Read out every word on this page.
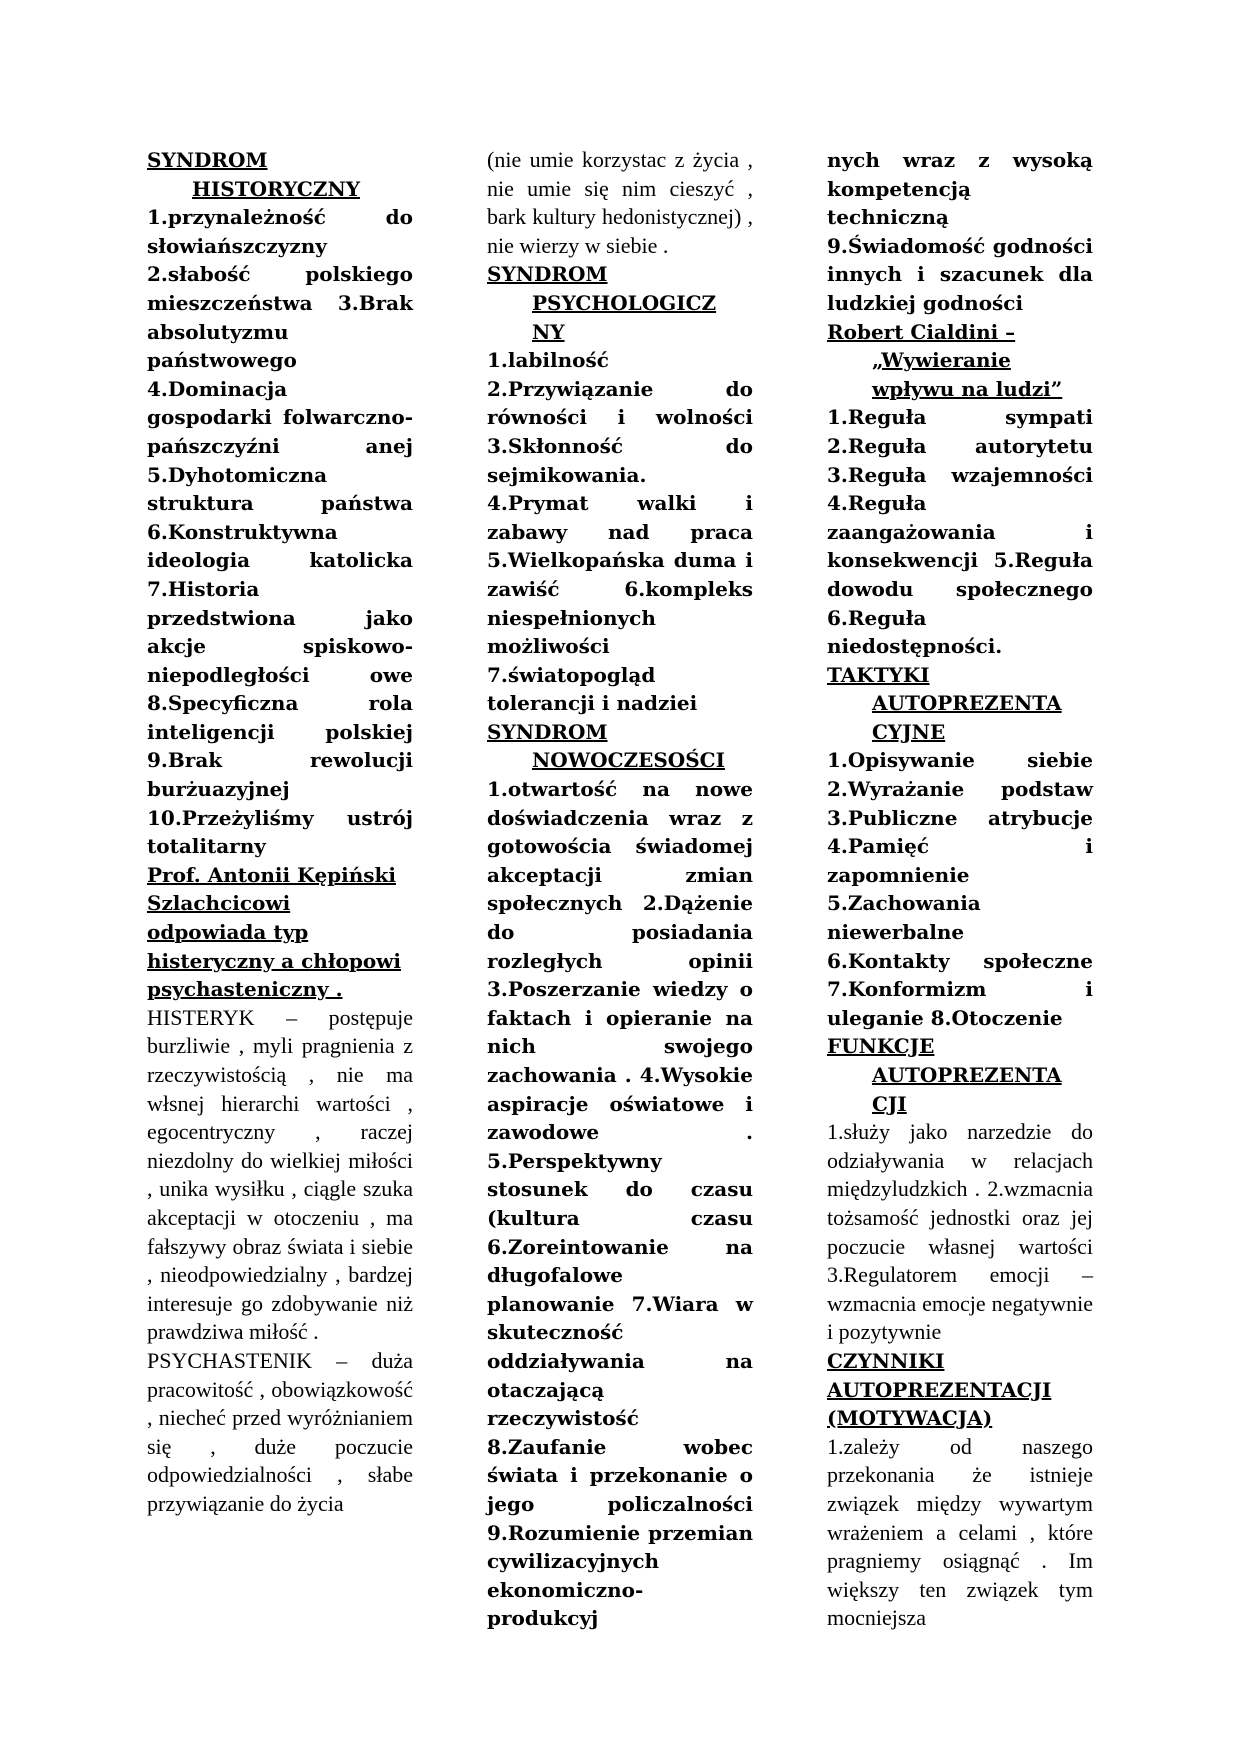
SYNDROM
HISTORYCZNY

1.przynależność do słowiańszczyzny 2.słabość polskiego mieszczeństwa 3.Brak absolutyzmu państwowego 4.Dominacja gospodarki folwarczno-pańszczyźni anej 5.Dyhotomiczna struktura państwa 6.Konstruktywna ideologia katolicka 7.Historia przedstwiona jako akcje spiskowo-niepodległości owe 8.Specyficzna rola inteligencji polskiej 9.Brak rewolucji burżuazyjnej 10.Przeżyliśmy ustrój totalitarny

Prof. Antonii Kępiński Szlachcicowi odpowiada typ histeryczny a chłopowi psychasteniczny .

HISTERYK – postępuje burzliwie , myli pragnienia z rzeczywistością , nie ma włsnej hierarchi wartości , egocentryczny , raczej niezdolny do wielkiej miłości , unika wysiłku , ciągle szuka akceptacji w otoczeniu , ma fałszywy obraz świata i siebie , nieodpowiedzialny , bardzej interesuje go zdobywanie niż prawdziwa miłość .

PSYCHASTENIK – duża pracowitość , obowiązkowość , niecheć przed wyróżnianiem się , duże poczucie odpowiedzialności , słabe przywiązanie do życia

(nie umie korzystac z życia , nie umie się nim cieszyć , bark kultury hedonistycznej) , nie wierzy w siebie .

SYNDROM
PSYCHOLOGICZ
NY

1.labilność 2.Przywiązanie do równości i wolności 3.Skłonność do sejmikowania. 4.Prymat walki i zabawy nad praca 5.Wielkopańska duma i zawiść 6.kompleks niespełnionych możliwości 7.światopogląd tolerancji i nadziei

SYNDROM
NOWOCZESOŚCI

1.otwartość na nowe doświadczenia wraz z gotowościa świadomej akceptacji zmian społecznych 2.Dążenie do posiadania rozległych opinii 3.Poszerzanie wiedzy o faktach i opieranie na nich swojego zachowania . 4.Wysokie aspiracje oświatowe i zawodowe . 5.Perspektywny stosunek do czasu (kultura czasu 6.Zoreintowanie na długofalowe planowanie 7.Wiara w skuteczność oddziaływania na otaczającą rzeczywistość 8.Zaufanie wobec świata i przekonanie o jego policzalności 9.Rozumienie przemian cywilizacyjnych ekonomiczno-produkcyj

nych wraz z wysoką kompetencją techniczną 9.Świadomość godności innych i szacunek dla ludzkiej godności

Robert Cialdini –
„Wywieranie
wpływu na ludzi”

1.Reguła sympati 2.Reguła autorytetu 3.Reguła wzajemności 4.Reguła zaangażowania i konsekwencji 5.Reguła dowodu społecznego 6.Reguła niedostępności.

TAKTYKI
AUTOPREZENTA
CYJNE

1.Opisywanie siebie 2.Wyrażanie podstaw 3.Publiczne atrybucje 4.Pamięć i zapomnienie 5.Zachowania niewerbalne 6.Kontakty społeczne 7.Konformizm i uleganie 8.Otoczenie

FUNKCJE
AUTOPREZENTA
CJI

1.służy jako narzedzie do odziaływania w relacjach międzyludzkich . 2.wzmacnia tożsamość jednostki oraz jej poczucie własnej wartości 3.Regulatorem emocji – wzmacnia emocje negatywnie i pozytywnie

CZYNNIKI
AUTOPREZENTACJI
(MOTYWACJA)

1.zależy od naszego przekonania że istnieje związek między wywartym wrażeniem a celami , które pragniemy osiągnąć . Im większy ten związek tym mocniejsza
